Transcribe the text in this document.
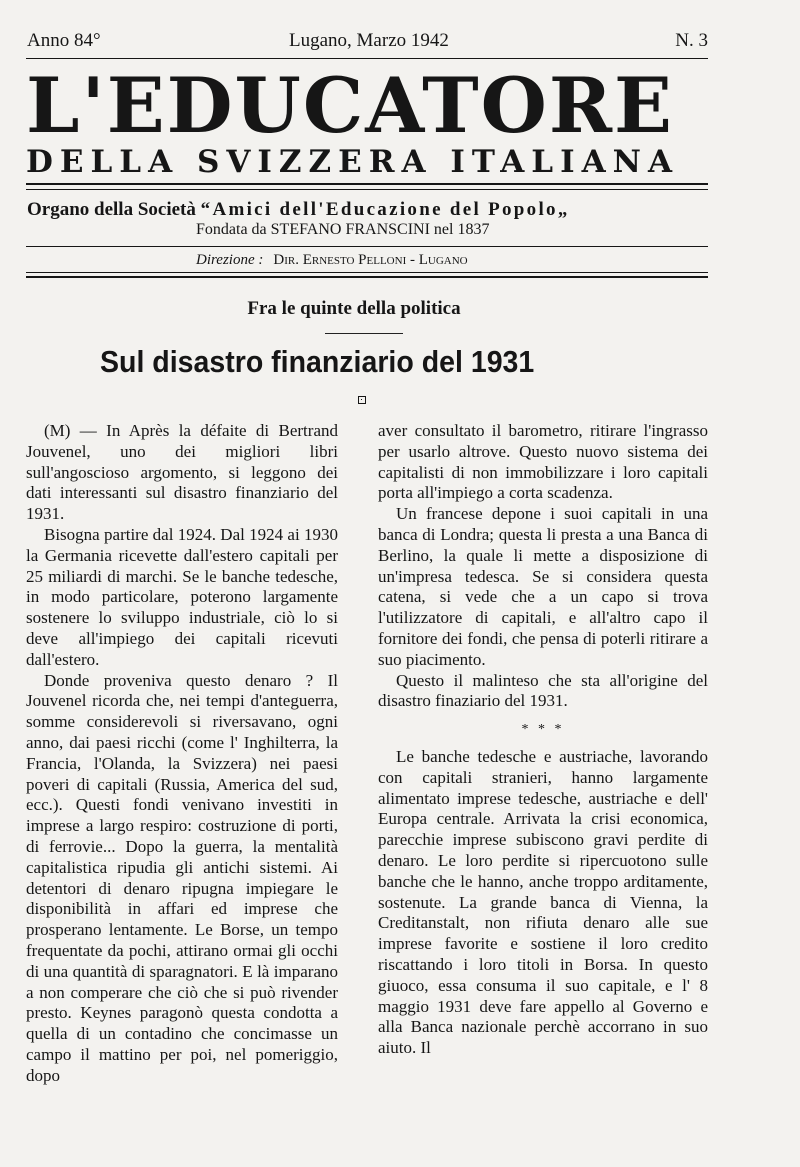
Anno 84°	Lugano, Marzo 1942	N. 3
L'EDUCATORE
DELLA SVIZZERA ITALIANA
Organo della Società “Amici dell'Educazione del Popolo„
Fondata da STEFANO FRANSCINI nel 1837
Direzione : Dir. Ernesto Pelloni - Lugano
Fra le quinte della politica
Sul disastro finanziario del 1931

(M) — In Après la défaite di Bertrand Jouvenel, uno dei migliori libri sull'angoscioso argomento, si leggono dei dati interessanti sul disastro finanziario del 1931.

Bisogna partire dal 1924. Dal 1924 ai 1930 la Germania ricevette dall'estero capitali per 25 miliardi di marchi. Se le banche tedesche, in modo particolare, poterono largamente sostenere lo sviluppo industriale, ciò lo si deve all'impiego dei capitali ricevuti dall'estero.

Donde proveniva questo denaro ? Il Jouvenel ricorda che, nei tempi d'anteguerra, somme considerevoli si riversavano, ogni anno, dai paesi ricchi (come l' Inghilterra, la Francia, l'Olanda, la Svizzera) nei paesi poveri di capitali (Russia, America del sud, ecc.). Questi fondi venivano investiti in imprese a largo respiro: costruzione di porti, di ferrovie... Dopo la guerra, la mentalità capitalistica ripudia gli antichi sistemi. Ai detentori di denaro ripugna impiegare le disponibilità in affari ed imprese che prosperano lentamente. Le Borse, un tempo frequentate da pochi, attirano ormai gli occhi di una quantità di sparagnatori. E là imparano a non comperare che ciò che si può rivender presto. Keynes paragonò questa condotta a quella di un contadino che concimasse un campo il mattino per poi, nel pomeriggio, dopo

aver consultato il barometro, ritirare l'ingrasso per usarlo altrove. Questo nuovo sistema dei capitalisti di non immobilizzare i loro capitali porta all'impiego a corta scadenza.

Un francese depone i suoi capitali in una banca di Londra; questa li presta a una Banca di Berlino, la quale li mette a disposizione di un'impresa tedesca. Se si considera questa catena, si vede che a un capo si trova l'utilizzatore di capitali, e all'altro capo il fornitore dei fondi, che pensa di poterli ritirare a suo piacimento.

Questo il malinteso che sta all'origine del disastro finaziario del 1931.

* * *

Le banche tedesche e austriache, lavorando con capitali stranieri, hanno largamente alimentato imprese tedesche, austriache e dell' Europa centrale. Arrivata la crisi economica, parecchie imprese subiscono gravi perdite di denaro. Le loro perdite si ripercuotono sulle banche che le hanno, anche troppo arditamente, sostenute. La grande banca di Vienna, la Creditanstalt, non rifiuta denaro alle sue imprese favorite e sostiene il loro credito riscattando i loro titoli in Borsa. In questo giuoco, essa consuma il suo capitale, e l' 8 maggio 1931 deve fare appello al Governo e alla Banca nazionale perchè accorrano in suo aiuto. Il
